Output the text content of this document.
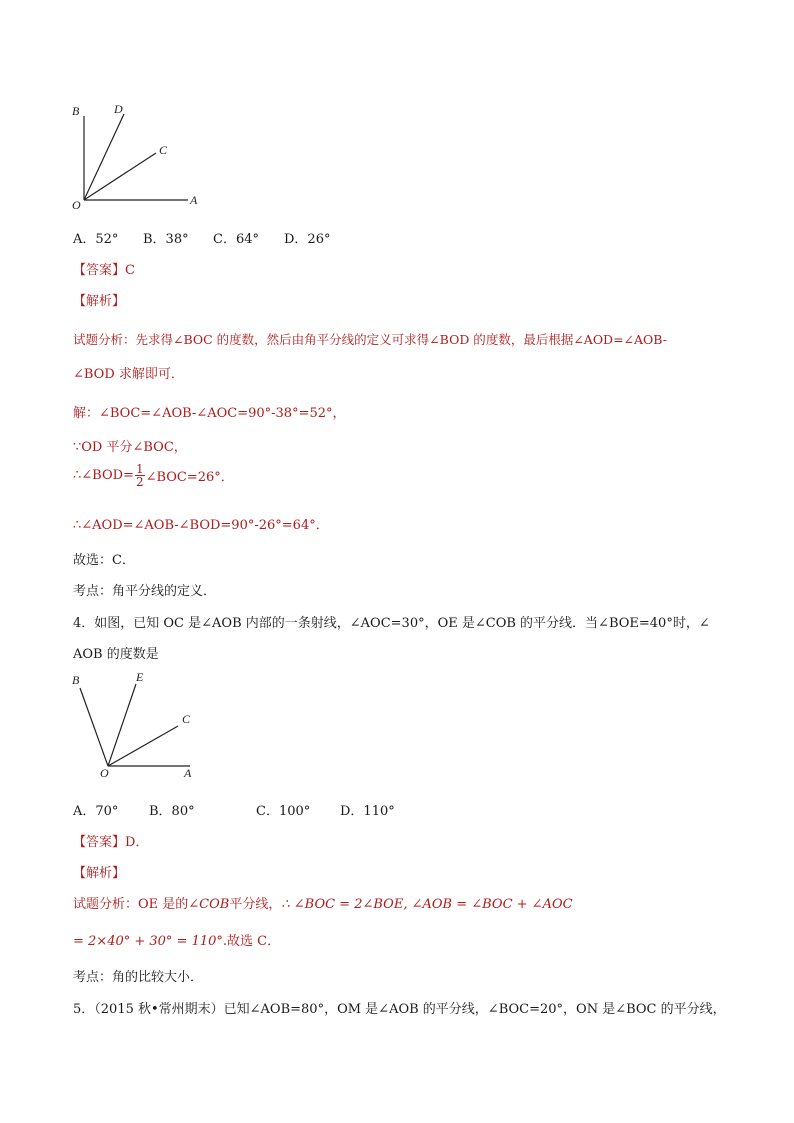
B	D
C
O	A
A．52° B．38° C．64° D．26°
【答案】C
【解析】
试题分析：先求得∠BOC 的度数，然后由角平分线的定义可求得∠BOD 的度数，最后根据∠AOD=∠AOB-
∠BOD 求解即可．
解：∠BOC=∠AOB-∠AOC=90°-38°=52°，
∵OD 平分∠BOC，
∴∠BOD= $\frac{1}{2}$ ∠BOC=26°．
∴∠AOD=∠AOB-∠BOD=90°-26°=64°．
故选：C．
考点：角平分线的定义．
4．如图，已知 OC 是∠AOB 内部的一条射线，∠AOC=30°，OE 是∠COB 的平分线．当∠BOE=40°时，∠
AOB 的度数是
B	E
C
O	A
A．70° B．80°	C．100° D．110°
【答案】D．
【解析】
试题分析：OE 是的∠COB平分线，∴ ∠BOC = 2∠BOE, ∠AOB = ∠BOC + ∠AOC
= 2×40° + 30° = 110°.故选 C．
考点：角的比较大小．
5．（2015 秋•常州期末）已知∠AOB=80°，OM 是∠AOB 的平分线，∠BOC=20°，ON 是∠BOC 的平分线，
